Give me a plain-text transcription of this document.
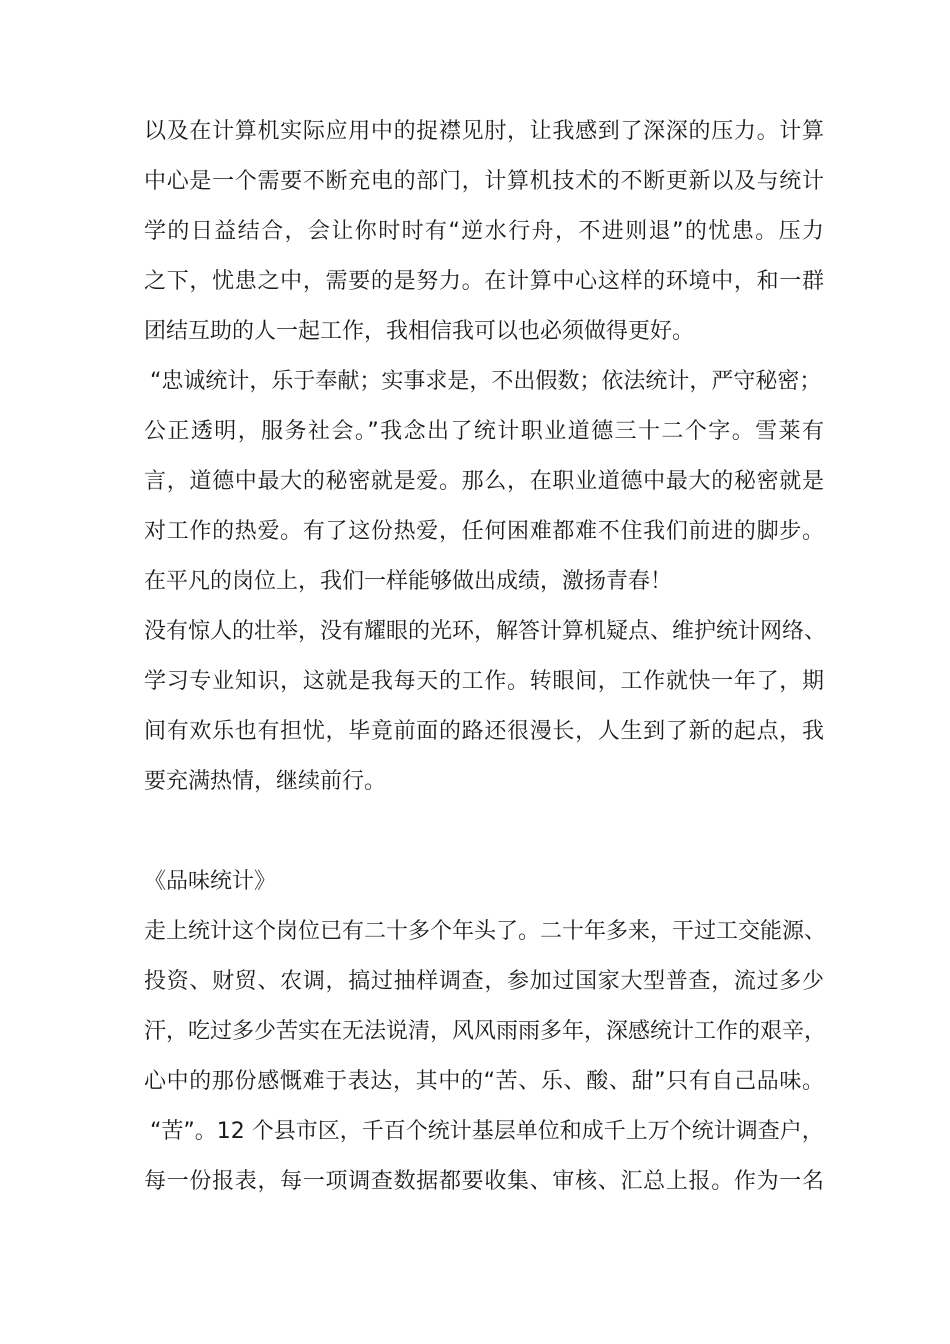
以及在计算机实际应用中的捉襟见肘，让我感到了深深的压力。计算
中心是一个需要不断充电的部门，计算机技术的不断更新以及与统计
学的日益结合，会让你时时有“逆水行舟，不进则退”的忧患。压力
之下，忧患之中，需要的是努力。在计算中心这样的环境中，和一群
团结互助的人一起工作，我相信我可以也必须做得更好。
“忠诚统计，乐于奉献；实事求是，不出假数；依法统计，严守秘密；
公正透明，服务社会。”我念出了统计职业道德三十二个字。雪莱有
言，道德中最大的秘密就是爱。那么，在职业道德中最大的秘密就是
对工作的热爱。有了这份热爱，任何困难都难不住我们前进的脚步。
在平凡的岗位上，我们一样能够做出成绩，激扬青春！
没有惊人的壮举，没有耀眼的光环，解答计算机疑点、维护统计网络、
学习专业知识，这就是我每天的工作。转眼间，工作就快一年了，期
间有欢乐也有担忧，毕竟前面的路还很漫长，人生到了新的起点，我
要充满热情，继续前行。
《品味统计》
走上统计这个岗位已有二十多个年头了。二十年多来，干过工交能源、
投资、财贸、农调，搞过抽样调查，参加过国家大型普查，流过多少
汗，吃过多少苦实在无法说清，风风雨雨多年，深感统计工作的艰辛，
心中的那份感慨难于表达，其中的“苦、乐、酸、甜”只有自己品味。
“苦”。12 个县市区，千百个统计基层单位和成千上万个统计调查户，
每一份报表，每一项调查数据都要收集、审核、汇总上报。作为一名
